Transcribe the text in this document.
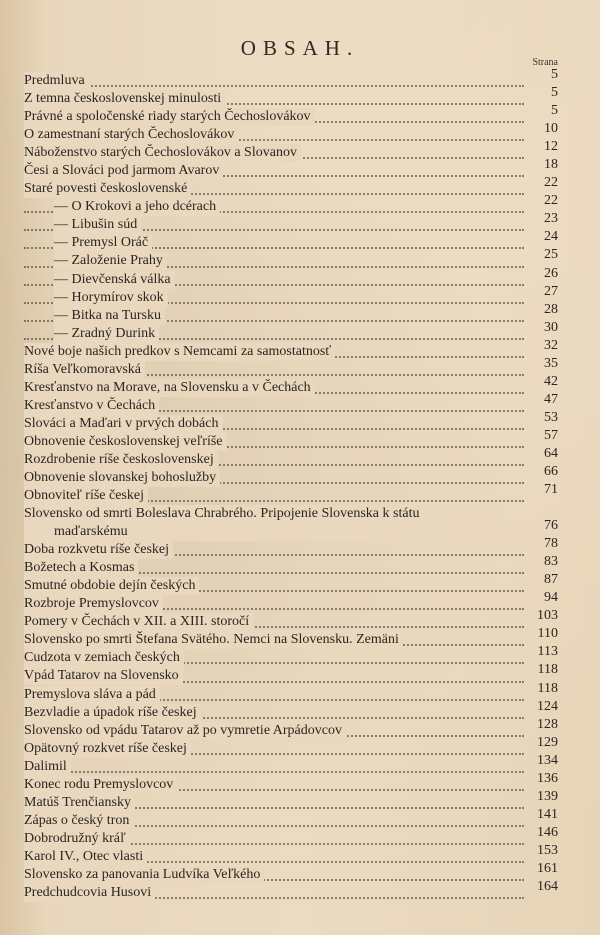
OBSAH.
Strana
Predmluva	5
Z temna československej minulosti	5
Právné a spoločenské riady starých Čechoslovákov	5
O zamestnaní starých Čechoslovákov	10
Náboženstvo starých Čechoslovákov a Slovanov	12
Česi a Slováci pod jarmom Avarov	18
Staré povesti československé	22
— O Krokovi a jeho dcérach	22
— Libušin súd	23
— Premysl Oráč	24
— Založenie Prahy	25
— Dievčenská válka	26
— Horymírov skok	27
— Bitka na Tursku	28
— Zradný Durink	30
Nové boje našich predkov s Nemcami za samostatnosť	32
Ríša Veľkomoravská	35
Kresťanstvo na Morave, na Slovensku a v Čechách	42
Kresťanstvo v Čechách	47
Slováci a Maďari v prvých dobách	53
Obnovenie československej veľríše	57
Rozdrobenie ríše československej	64
Obnovenie slovanskej bohoslužby	66
Obnoviteľ ríše českej	71
Slovensko od smrti Boleslava Chrabrého. Pripojenie Slovenska k státu
maďarskému	76
Doba rozkvetu ríše českej	78
Božetech a Kosmas	83
Smutné obdobie dejín českých	87
Rozbroje Premyslovcov	94
Pomery v Čechách v XII. a XIII. storočí	103
Slovensko po smrti Štefana Svätého. Nemci na Slovensku. Zemäni	110
Cudzota v zemiach českých	113
Vpád Tatarov na Slovensko	118
Premyslova sláva a pád	118
Bezvladie a úpadok ríše českej	124
Slovensko od vpádu Tatarov až po vymretie Arpádovcov	128
Opätovný rozkvet ríše českej	129
Dalimil	134
Konec rodu Premyslovcov	136
Matúš Trenčiansky	139
Zápas o český tron	141
Dobrodružný kráľ	146
Karol IV., Otec vlasti	153
Slovensko za panovania Ludvíka Veľkého	161
Predchudcovia Husovi	164
